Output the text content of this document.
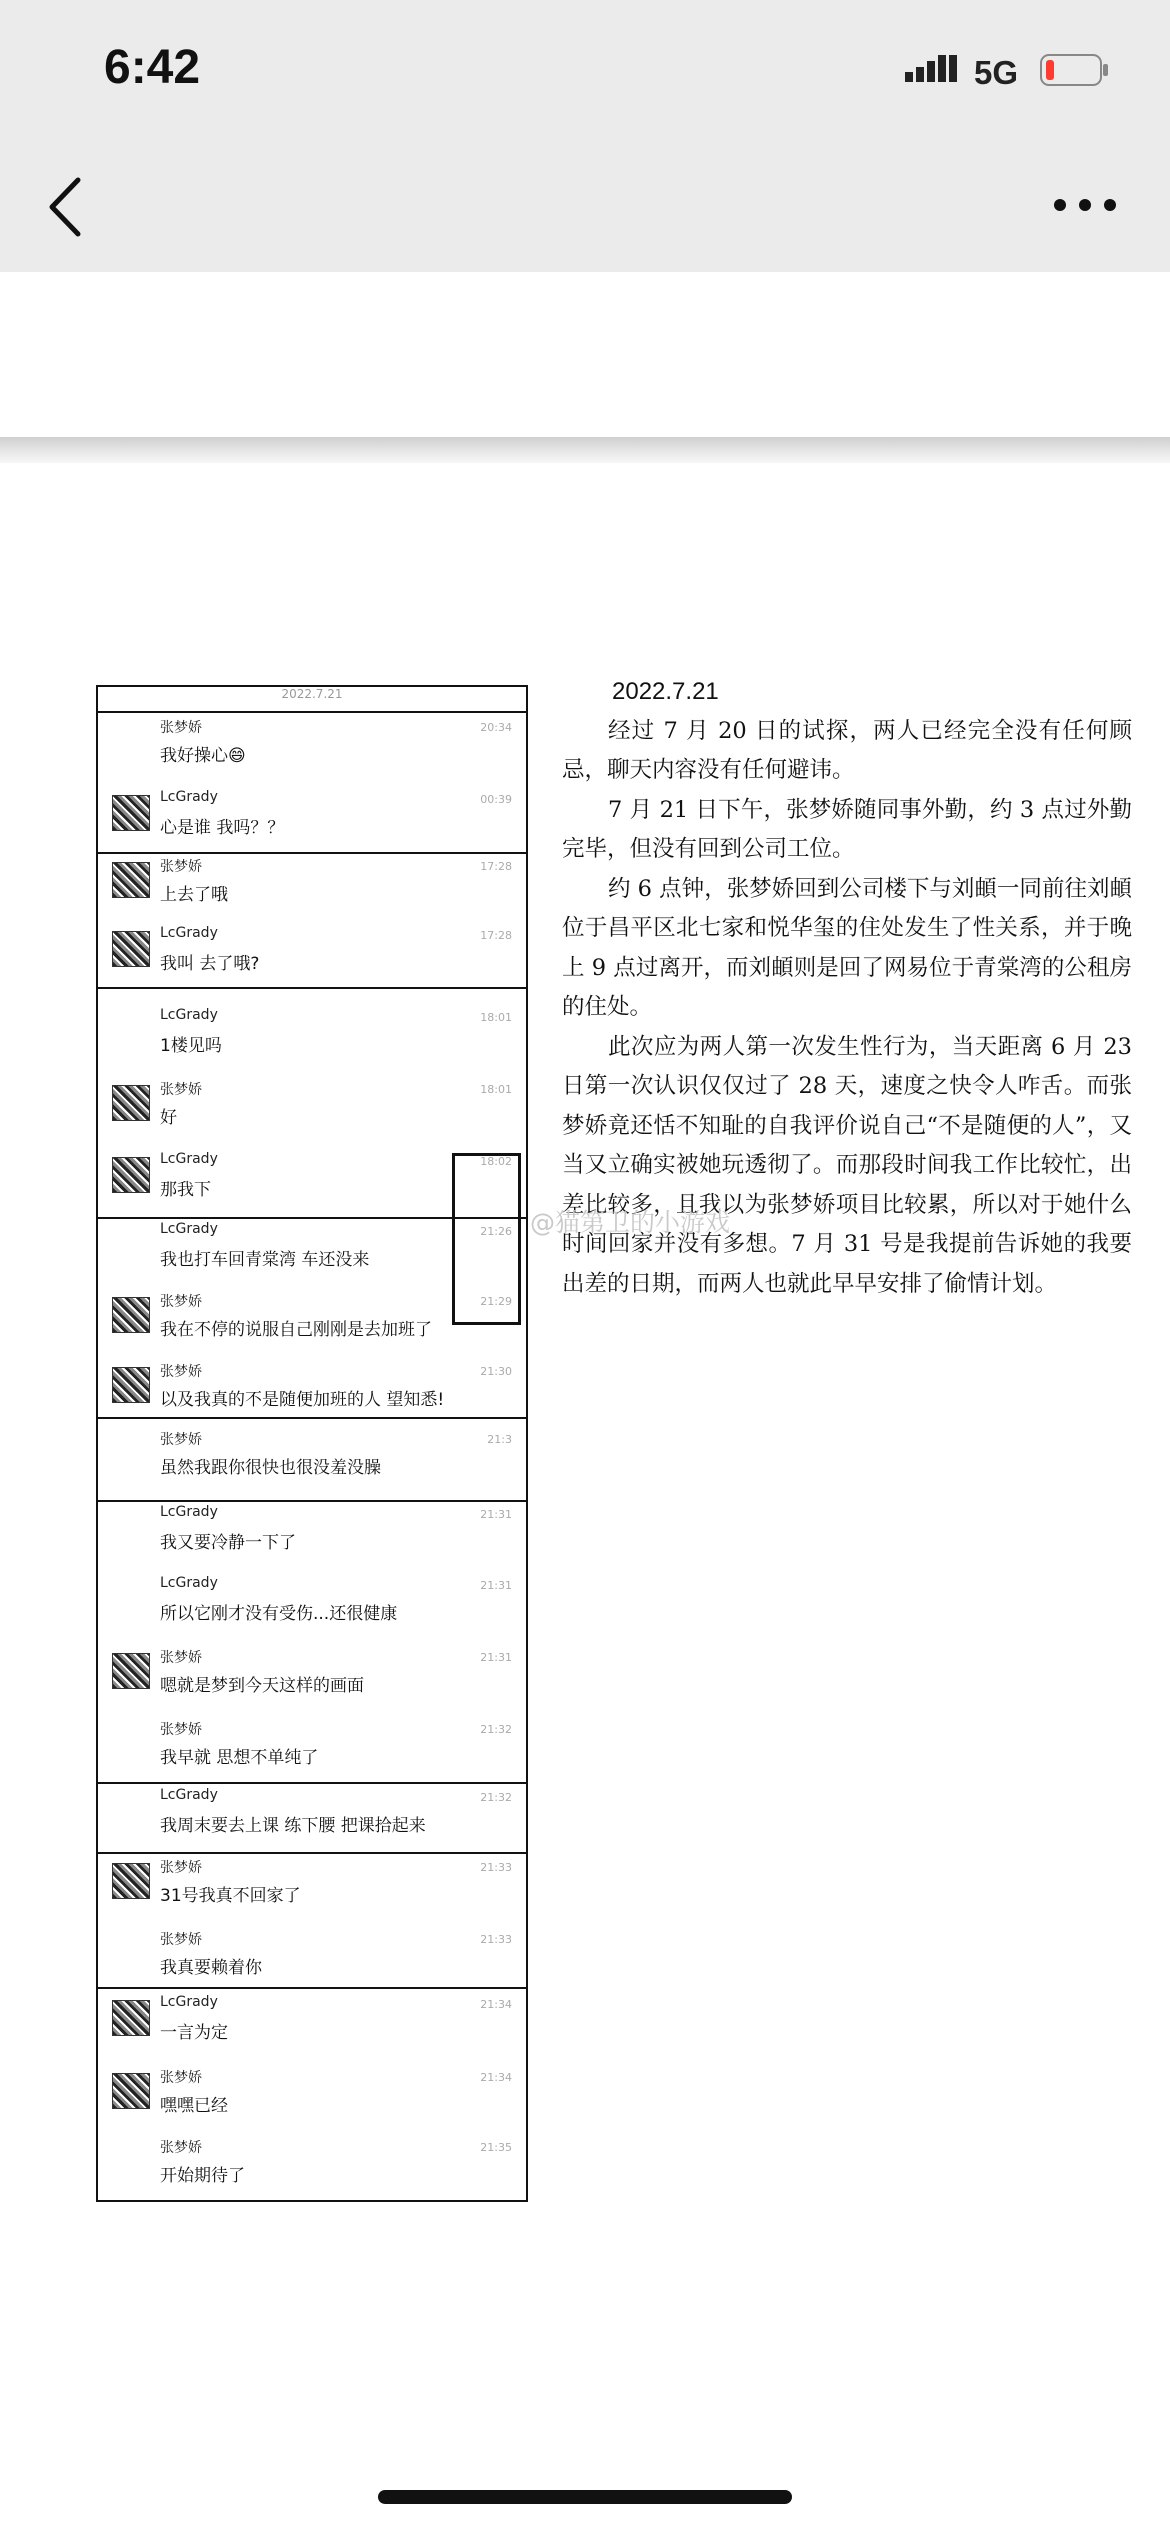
6:42	5G
2022.7.21
张梦娇
我好操心😄
20:34
LcGrady
心是谁 我吗？？
00:39
张梦娇
上去了哦
17:28
LcGrady
我叫 去了哦?
17:28
LcGrady
1楼见吗
18:01
张梦娇
好
18:01
LcGrady
那我下
18:02
LcGrady
我也打车回青棠湾 车还没来
21:26
张梦娇
我在不停的说服自己刚刚是去加班了
21:29
张梦娇
以及我真的不是随便加班的人 望知悉!
21:30
张梦娇
虽然我跟你很快也很没羞没臊
21:3
LcGrady
我又要冷静一下了
21:31
LcGrady
所以它刚才没有受伤...还很健康
21:31
张梦娇
嗯就是梦到今天这样的画面
21:31
张梦娇
我早就 思想不单纯了
21:32
LcGrady
我周末要去上课 练下腰 把课拾起来
21:32
张梦娇
31号我真不回家了
21:33
张梦娇
我真要赖着你
21:33
LcGrady
一言为定
21:34
张梦娇
嘿嘿已经
21:34
张梦娇
开始期待了
21:35
2022.7.21

经过 7 月 20 日的试探，两人已经完全没有任何顾忌，聊天内容没有任何避讳。

7 月 21 日下午，张梦娇随同事外勤，约 3 点过外勤完毕，但没有回到公司工位。

约 6 点钟，张梦娇回到公司楼下与刘頔一同前往刘頔位于昌平区北七家和悦华玺的住处发生了性关系，并于晚上 9 点过离开，而刘頔则是回了网易位于青棠湾的公租房的住处。

此次应为两人第一次发生性行为，当天距离 6 月 23 日第一次认识仅仅过了 28 天，速度之快令人咋舌。而张梦娇竟还恬不知耻的自我评价说自己“不是随便的人”，又当又立确实被她玩透彻了。而那段时间我工作比较忙，出差比较多，且我以为张梦娇项目比较累，所以对于她什么时间回家并没有多想。7 月 31 号是我提前告诉她的我要出差的日期，而两人也就此早早安排了偷情计划。

@猫第卫的小游戏
